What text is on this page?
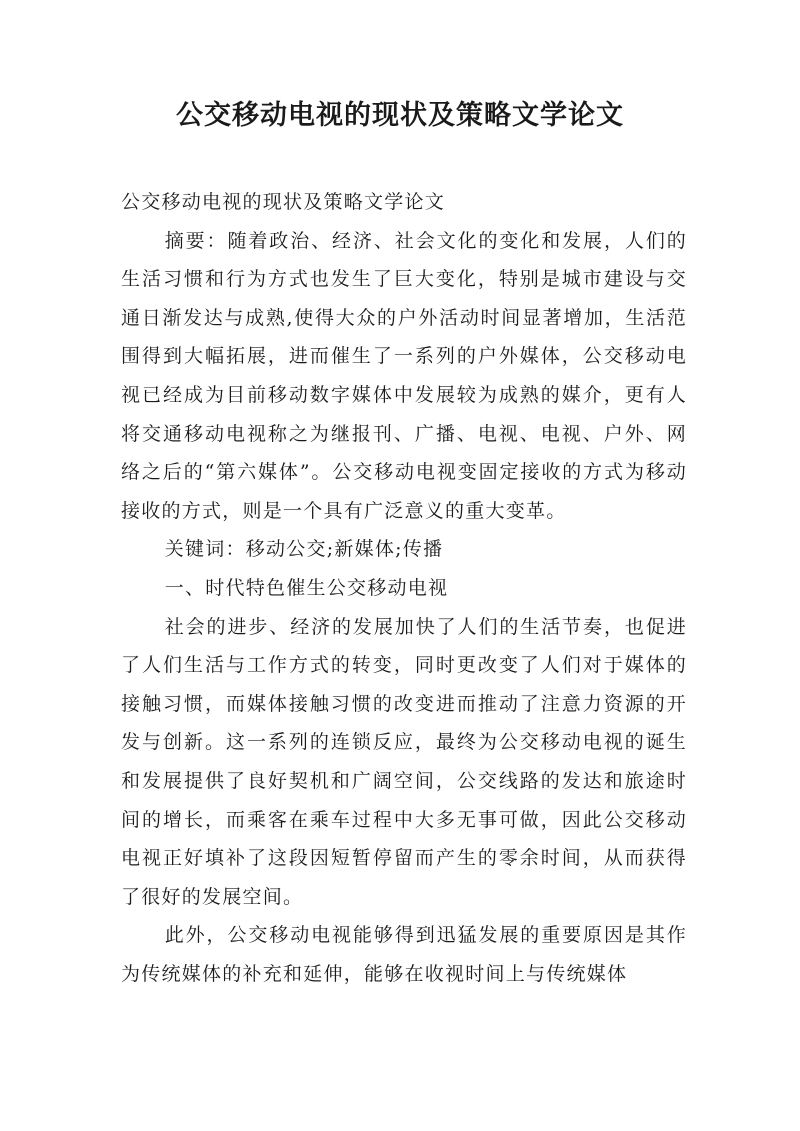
公交移动电视的现状及策略文学论文

公交移动电视的现状及策略文学论文

摘要：随着政治、经济、社会文化的变化和发展，人们的生活习惯和行为方式也发生了巨大变化，特别是城市建设与交通日渐发达与成熟,使得大众的户外活动时间显著增加，生活范围得到大幅拓展，进而催生了一系列的户外媒体，公交移动电视已经成为目前移动数字媒体中发展较为成熟的媒介，更有人将交通移动电视称之为继报刊、广播、电视、电视、户外、网络之后的“第六媒体”。公交移动电视变固定接收的方式为移动接收的方式，则是一个具有广泛意义的重大变革。

关键词：移动公交;新媒体;传播

一、时代特色催生公交移动电视

社会的进步、经济的发展加快了人们的生活节奏，也促进了人们生活与工作方式的转变，同时更改变了人们对于媒体的接触习惯，而媒体接触习惯的改变进而推动了注意力资源的开发与创新。这一系列的连锁反应，最终为公交移动电视的诞生和发展提供了良好契机和广阔空间，公交线路的发达和旅途时间的增长，而乘客在乘车过程中大多无事可做，因此公交移动电视正好填补了这段因短暂停留而产生的零余时间，从而获得了很好的发展空间。

此外，公交移动电视能够得到迅猛发展的重要原因是其作为传统媒体的补充和延伸，能够在收视时间上与传统媒体
